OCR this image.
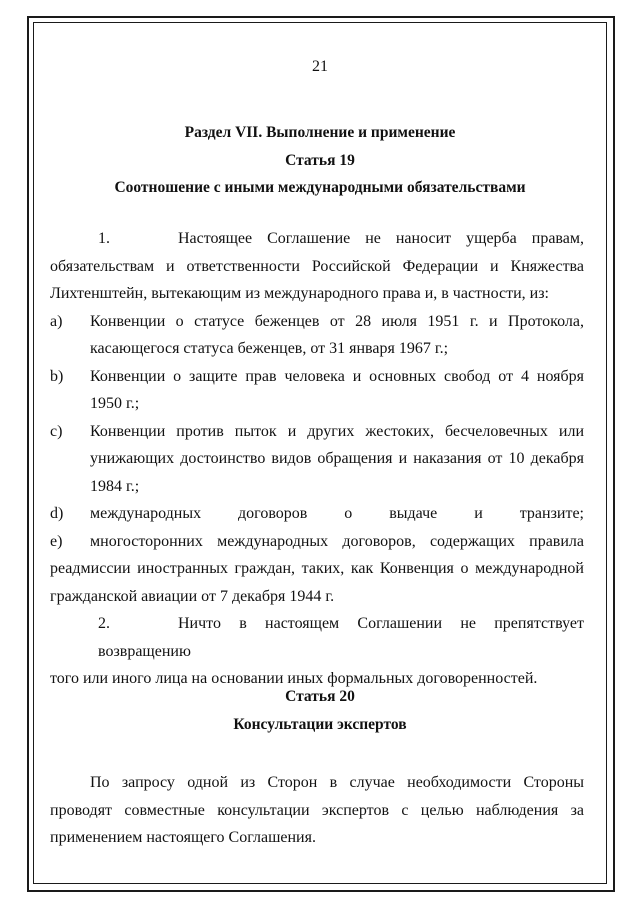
21
Раздел VII. Выполнение и применение
Статья 19
Соотношение с иными международными обязательствами
1.	Настоящее Соглашение не наносит ущерба правам,
обязательствам и ответственности Российской Федерации и Княжества
Лихтенштейн, вытекающим из международного права и, в частности, из:
a) Конвенции о статусе беженцев от 28 июля 1951 г. и Протокола,
касающегося статуса беженцев, от 31 января 1967 г.;
b) Конвенции о защите прав человека и основных свобод от 4 ноября
1950 г.;
c) Конвенции против пыток и других жестоких, бесчеловечных или
унижающих достоинство видов обращения и наказания от 10 декабря
1984 г.;
d) международных договоров о выдаче и транзите;
e) многосторонних международных договоров, содержащих правила
реадмиссии иностранных граждан, таких, как Конвенция о международной
гражданской авиации от 7 декабря 1944 г.
2.	Ничто в настоящем Соглашении не препятствует возвращению
того или иного лица на основании иных формальных договоренностей.
Статья 20
Консультации экспертов
По запросу одной из Сторон в случае необходимости Стороны
проводят совместные консультации экспертов с целью наблюдения за
применением настоящего Соглашения.
